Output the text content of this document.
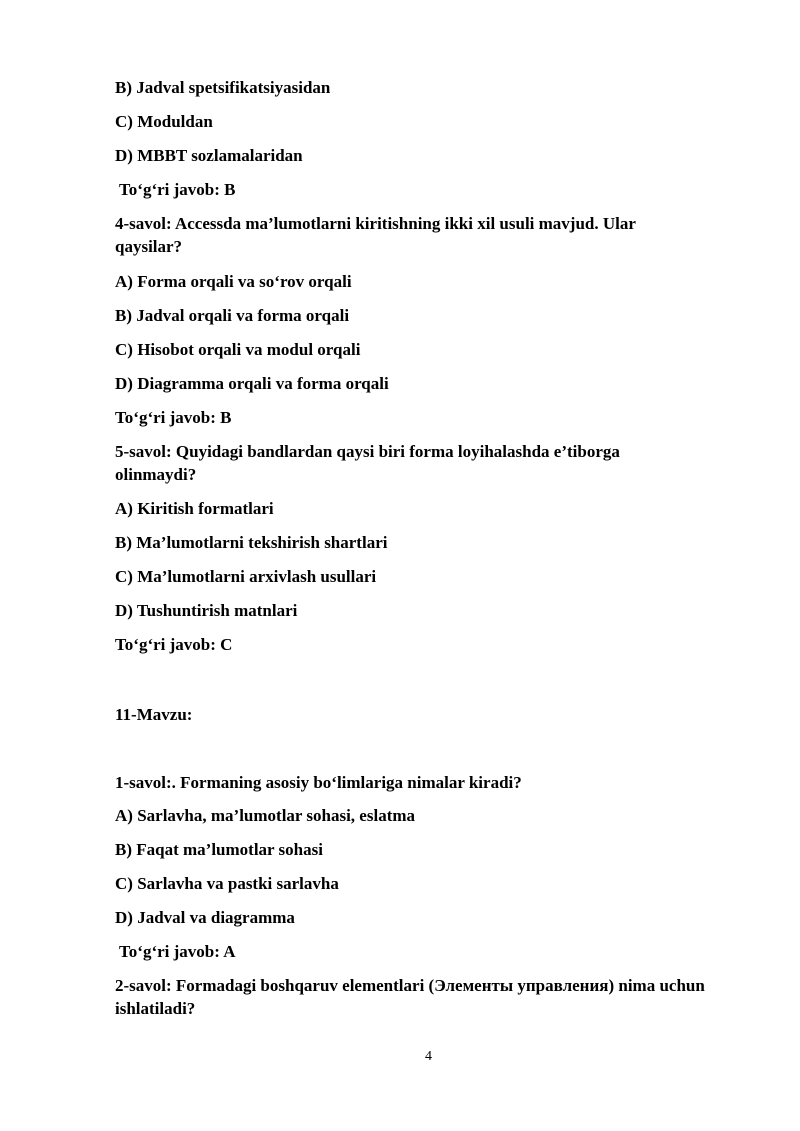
B) Jadval spetsifikatsiyasidan
C) Moduldan
D) MBBT sozlamalaridan
To‘g‘ri javob: B
4-savol: Accessda ma’lumotlarni kiritishning ikki xil usuli mavjud. Ular qaysilar?
A) Forma orqali va so‘rov orqali
B) Jadval orqali va forma orqali
C) Hisobot orqali va modul orqali
D) Diagramma orqali va forma orqali
To‘g‘ri javob: B
5-savol: Quyidagi bandlardan qaysi biri forma loyihalashda e’tiborga olinmaydi?
A) Kiritish formatlari
B) Ma’lumotlarni tekshirish shartlari
C) Ma’lumotlarni arxivlash usullari
D) Tushuntirish matnlari
To‘g‘ri javob: C
11-Mavzu:
1-savol:. Formaning asosiy bo‘limlariga nimalar kiradi?
A) Sarlavha, ma’lumotlar sohasi, eslatma
B) Faqat ma’lumotlar sohasi
C) Sarlavha va pastki sarlavha
D) Jadval va diagramma
To‘g‘ri javob: A
2-savol: Formadagi boshqaruv elementlari (Элементы управления) nima uchun ishlatiladi?
4
